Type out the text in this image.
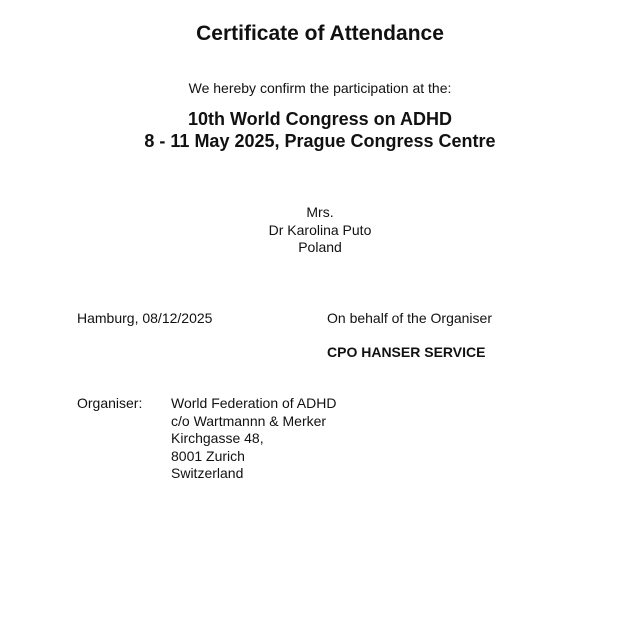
Certificate of Attendance
We hereby confirm the participation at the:
10th World Congress on ADHD
8 - 11 May 2025, Prague Congress Centre
Mrs.
Dr Karolina Puto
Poland
Hamburg, 08/12/2025	On behalf of the Organiser
CPO HANSER SERVICE
Organiser: World Federation of ADHD
c/o Wartmannn & Merker
Kirchgasse 48,
8001 Zurich
Switzerland
